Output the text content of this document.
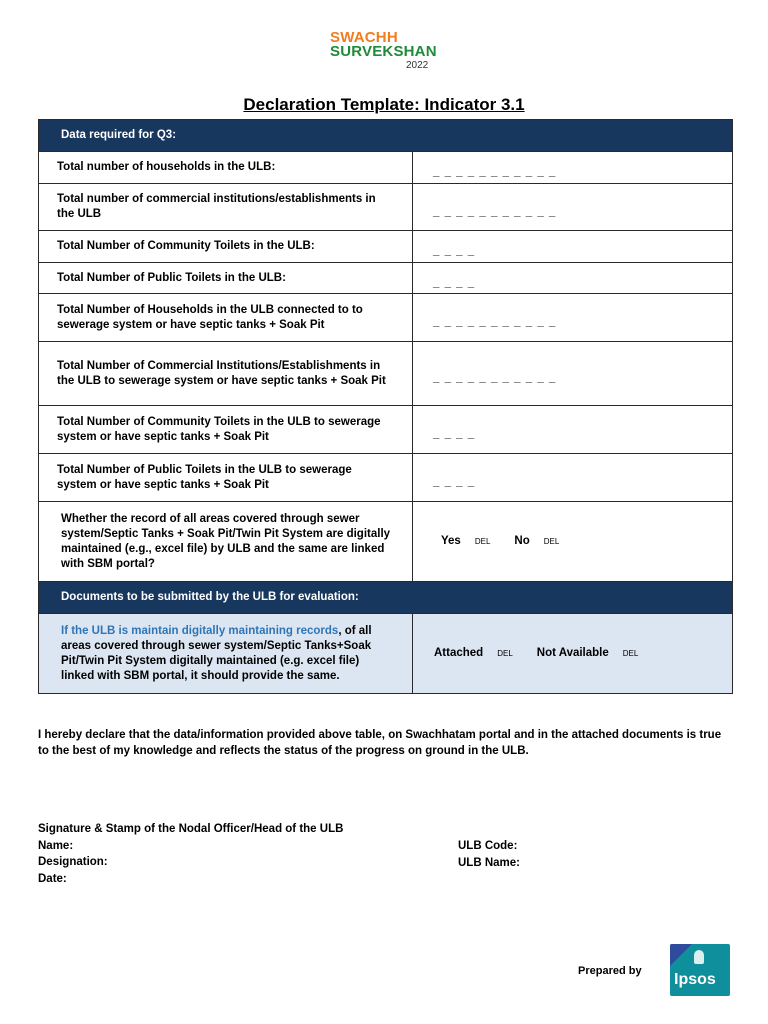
SWACHH
SURVEKSHAN
2022
Declaration Template: Indicator 3.1
Data required for Q3:	
Total number of households in the ULB:	_ _ _ _ _ _ _ _ _ _ _
Total number of commercial institutions/establishments in the ULB	_ _ _ _ _ _ _ _ _ _ _
Total Number of Community Toilets in the ULB:	_ _ _ _
Total Number of Public Toilets in the ULB:	_ _ _ _
Total Number of Households in the ULB connected to to sewerage system or have septic tanks + Soak Pit	_ _ _ _ _ _ _ _ _ _ _
Total Number of Commercial Institutions/Establishments in the ULB to sewerage system or have septic tanks + Soak Pit	_ _ _ _ _ _ _ _ _ _ _
Total Number of Community Toilets in the ULB to sewerage system or have septic tanks + Soak Pit	_ _ _ _
Total Number of Public Toilets in the ULB to sewerage system or have septic tanks + Soak Pit	_ _ _ _
Whether the record of all areas covered through sewer system/Septic Tanks + Soak Pit/Twin Pit System are digitally maintained (e.g., excel file) by ULB and the same are linked with SBM portal?	Yes DEL No DEL
Documents to be submitted by the ULB for evaluation:	
If the ULB is maintain digitally maintaining records, of all areas covered through sewer system/Septic Tanks+Soak Pit/Twin Pit System digitally maintained (e.g. excel file) linked with SBM portal, it should provide the same.	Attached DEL Not Available DEL
I hereby declare that the data/information provided above table, on Swachhatam portal and in the attached documents is true to the best of my knowledge and reflects the status of the progress on ground in the ULB.
Signature & Stamp of the Nodal Officer/Head of the ULB
Name:
Designation:
Date:
ULB Code:
ULB Name:
Prepared by Ipsos
